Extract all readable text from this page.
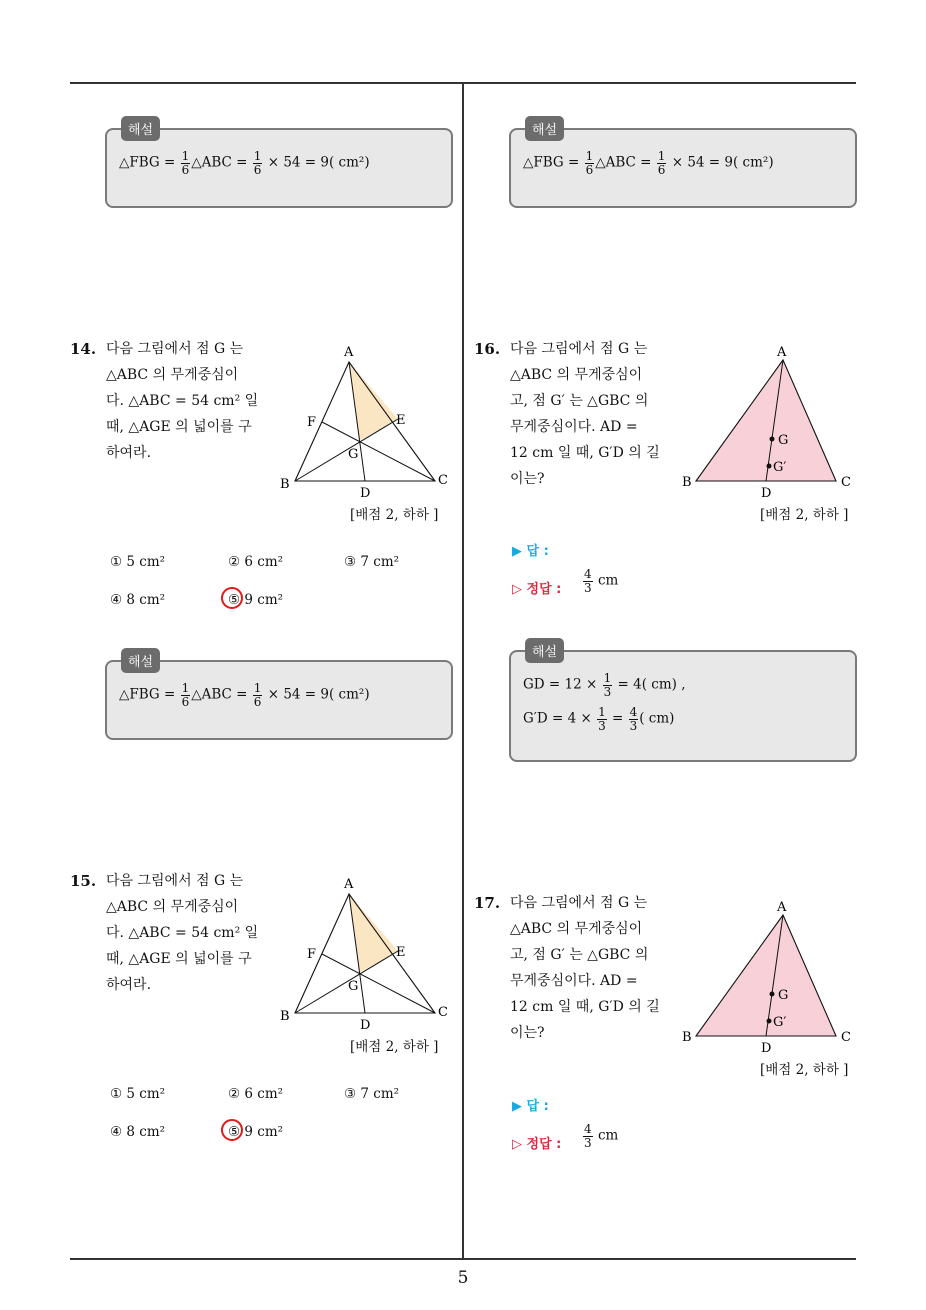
해설
△FBG = $\frac{1}{6}$ △ABC = $\frac{1}{6} \times 54 = 9$( cm²)
해설
△FBG = $\frac{1}{6}$ △ABC = $\frac{1}{6} \times 54 = 9$( cm²)
14. 다음 그림에서 점 G 는
△ABC 의 무게중심이
다. △ABC = 54 cm² 일
때, △AGE 의 넓이를 구
하여라.
A
B	C
D
E
F
G
[배점 2, 하하 ]
① 5 cm²	② 6 cm²	③ 7 cm²
④ 8 cm²	⑤ 9 cm²
해설
△FBG = $\frac{1}{6}$ △ABC = $\frac{1}{6} \times 54 = 9$( cm²)
15. 다음 그림에서 점 G 는
△ABC 의 무게중심이
다. △ABC = 54 cm² 일
때, △AGE 의 넓이를 구
하여라.
A
B	C
D
E
F
G
[배점 2, 하하 ]
① 5 cm²	② 6 cm²	③ 7 cm²
④ 8 cm²	⑤ 9 cm²
16. 다음 그림에서 점 G 는
△ABC 의 무게중심이
고, 점 G′ 는 △GBC 의
무게중심이다. AD =
12 cm 일 때, G′D 의 길
이는?
A
B	C
D
G
G′
[배점 2, 하하 ]
▶ 답 :
▷ 정답 : $\frac{4}{3}$ cm
해설
GD = $12 \times \frac{1}{3} = 4$( cm) ,
$G'D = 4 \times \frac{1}{3} = \frac{4}{3}$ ( cm)
17. 다음 그림에서 점 G 는
△ABC 의 무게중심이
고, 점 G′ 는 △GBC 의
무게중심이다. AD =
12 cm 일 때, G′D 의 길
이는?
A
B	C
D
G
G′
[배점 2, 하하 ]
▶ 답 :
▷ 정답 : $\frac{4}{3}$ cm
5
